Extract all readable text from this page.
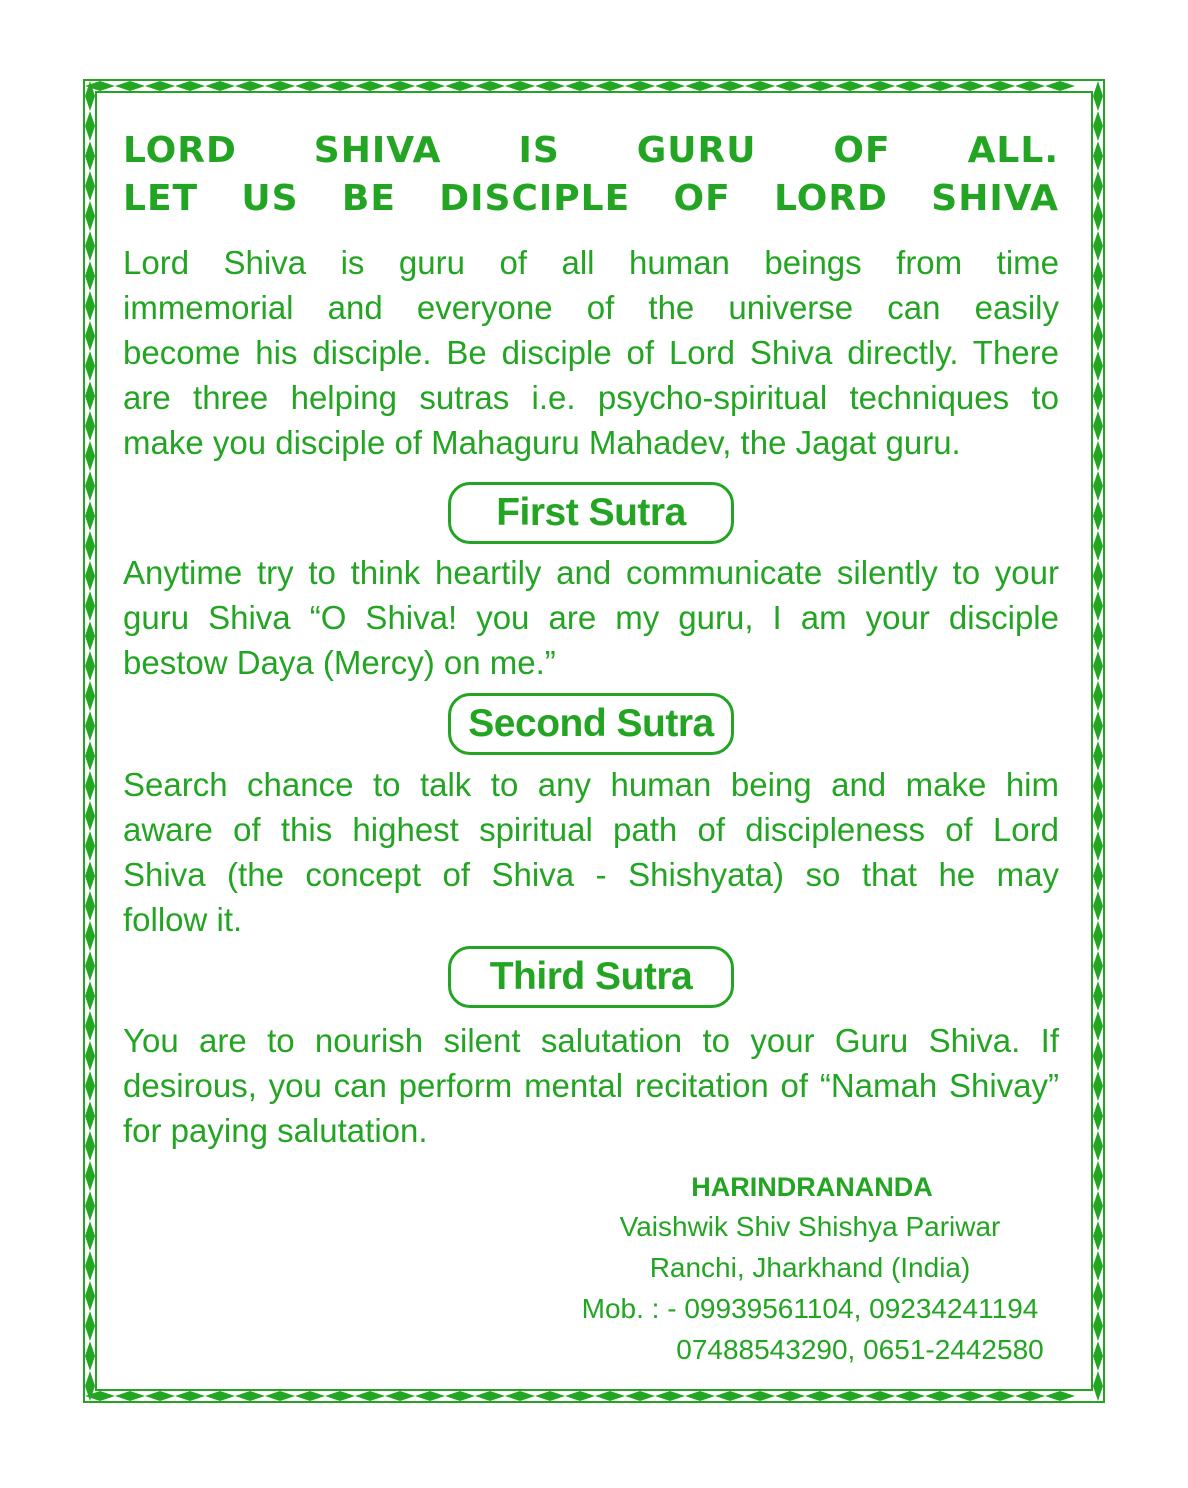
LORD SHIVA IS GURU OF ALL.
LET US BE DISCIPLE OF LORD SHIVA
Lord Shiva is guru of all human beings from time
immemorial and everyone of the universe can easily
become his disciple. Be disciple of Lord Shiva directly. There
are three helping sutras i.e. psycho-spiritual techniques to
make you disciple of Mahaguru Mahadev, the Jagat guru.
First Sutra
Anytime try to think heartily and communicate silently to your
guru Shiva “O Shiva! you are my guru, I am your disciple
bestow Daya (Mercy) on me.”
Second Sutra
Search chance to talk to any human being and make him
aware of this highest spiritual path of discipleness of Lord
Shiva (the concept of Shiva - Shishyata) so that he may
follow it.
Third Sutra
You are to nourish silent salutation to your Guru Shiva. If
desirous, you can perform mental recitation of “Namah Shivay”
for paying salutation.
HARINDRANANDA
Vaishwik Shiv Shishya Pariwar
Ranchi, Jharkhand (India)
Mob. : - 09939561104, 09234241194
07488543290, 0651-2442580
